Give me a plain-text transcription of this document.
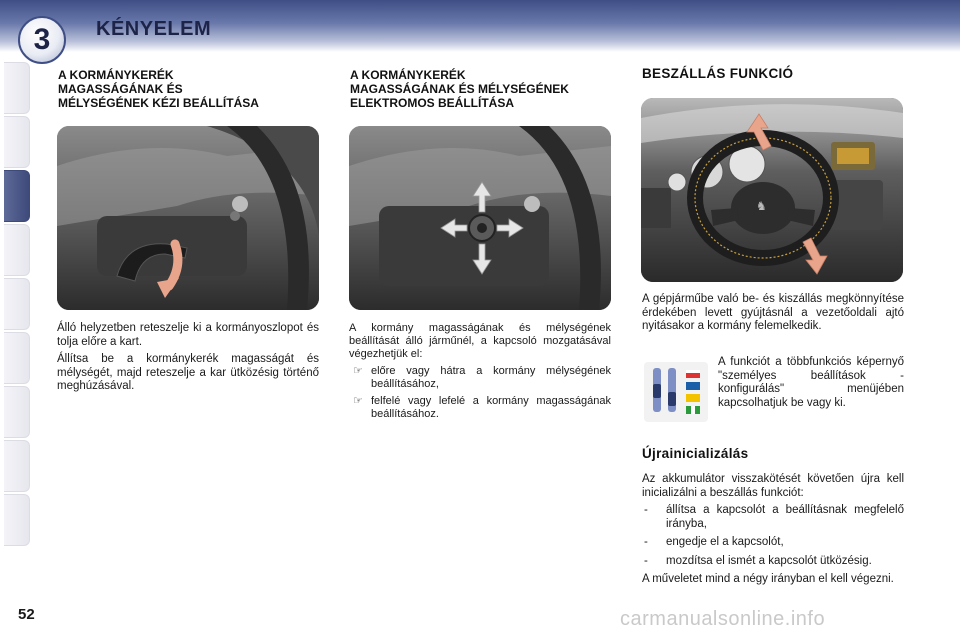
3 KÉNYELEM
A KORMÁNYKERÉK
MAGASSÁGÁNAK ÉS
MÉLYSÉGÉNEK KÉZI BEÁLLÍTÁSA

Álló helyzetben reteszelje ki a kormányoszlopot és tolja előre a kart.

Állítsa be a kormánykerék magasságát és mélységét, majd reteszelje a kar ütközésig történő meghúzásával.

A KORMÁNYKERÉK
MAGASSÁGÁNAK ÉS MÉLYSÉGÉNEK
ELEKTROMOS BEÁLLÍTÁSA

A kormány magasságának és mélységének beállítását álló járműnél, a kapcsoló mozgatásával végezhetjük el:

☞ előre vagy hátra a kormány mélységének beállításához,
☞ felfelé vagy lefelé a kormány magasságának beállításához.
BESZÁLLÁS FUNKCIÓ
♞
A gépjárműbe való be- és kiszállás megkönnyítése érdekében levett gyújtásnál a vezetőoldali ajtó nyitásakor a kormány felemelkedik.
A funkciót a többfunkciós képernyő "személyes beállítások - konfigurálás" menüjében kapcsolhatjuk be vagy ki.
Újrainicializálás

Az akkumulátor visszakötését követően újra kell inicializálni a beszállás funkciót:

- állítsa a kapcsolót a beállításnak megfelelő irányba,
- engedje el a kapcsolót,
- mozdítsa el ismét a kapcsolót ütközésig.

A műveletet mind a négy irányban el kell végezni.

52	carmanualsonline.info
